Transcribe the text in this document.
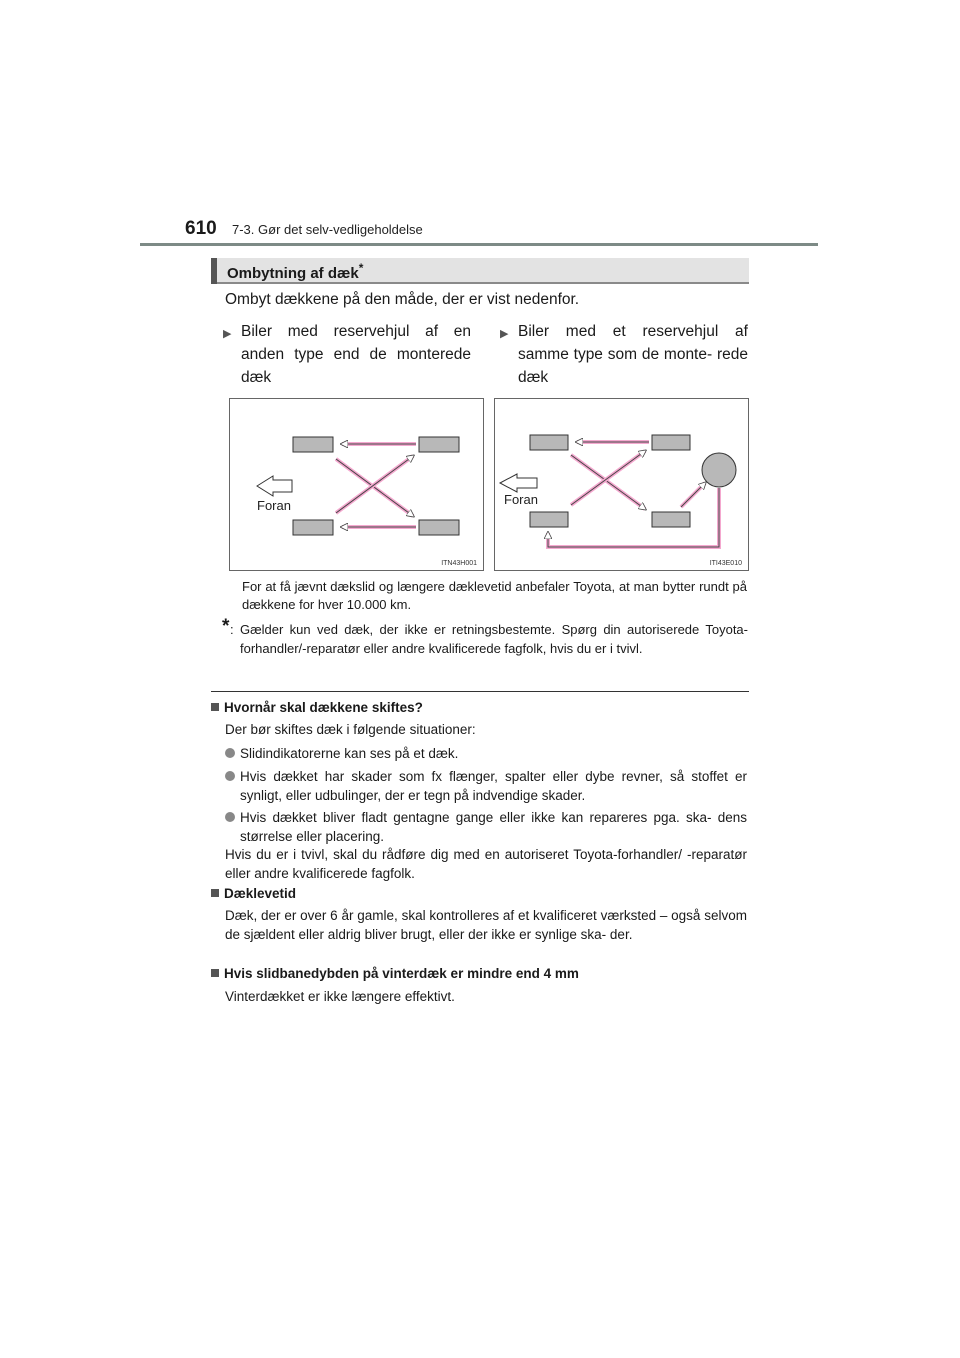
610 7-3. Gør det selv-vedligeholdelse
Ombytning af dæk*
Ombyt dækkene på den måde, der er vist nedenfor.
▶ Biler med reservehjul af en anden type end de monterede dæk
▶ Biler med et reservehjul af samme type som de monte- rede dæk
Foran
ITN43H001
Foran
ITI43E010
For at få jævnt dækslid og længere dæklevetid anbefaler Toyota, at man bytter rundt på dækkene for hver 10.000 km.
* : Gælder kun ved dæk, der ikke er retningsbestemte. Spørg din autoriserede Toyota-forhandler/-reparatør eller andre kvalificerede fagfolk, hvis du er i tvivl.
Hvornår skal dækkene skiftes?
Der bør skiftes dæk i følgende situationer:
Slidindikatorerne kan ses på et dæk.
Hvis dækket har skader som fx flænger, spalter eller dybe revner, så stoffet er synligt, eller udbulinger, der er tegn på indvendige skader.
Hvis dækket bliver fladt gentagne gange eller ikke kan repareres pga. ska- dens størrelse eller placering.
Hvis du er i tvivl, skal du rådføre dig med en autoriseret Toyota-forhandler/ -reparatør eller andre kvalificerede fagfolk.
Dæklevetid
Dæk, der er over 6 år gamle, skal kontrolleres af et kvalificeret værksted – også selvom de sjældent eller aldrig bliver brugt, eller der ikke er synlige ska- der.
Hvis slidbanedybden på vinterdæk er mindre end 4 mm
Vinterdækket er ikke længere effektivt.
